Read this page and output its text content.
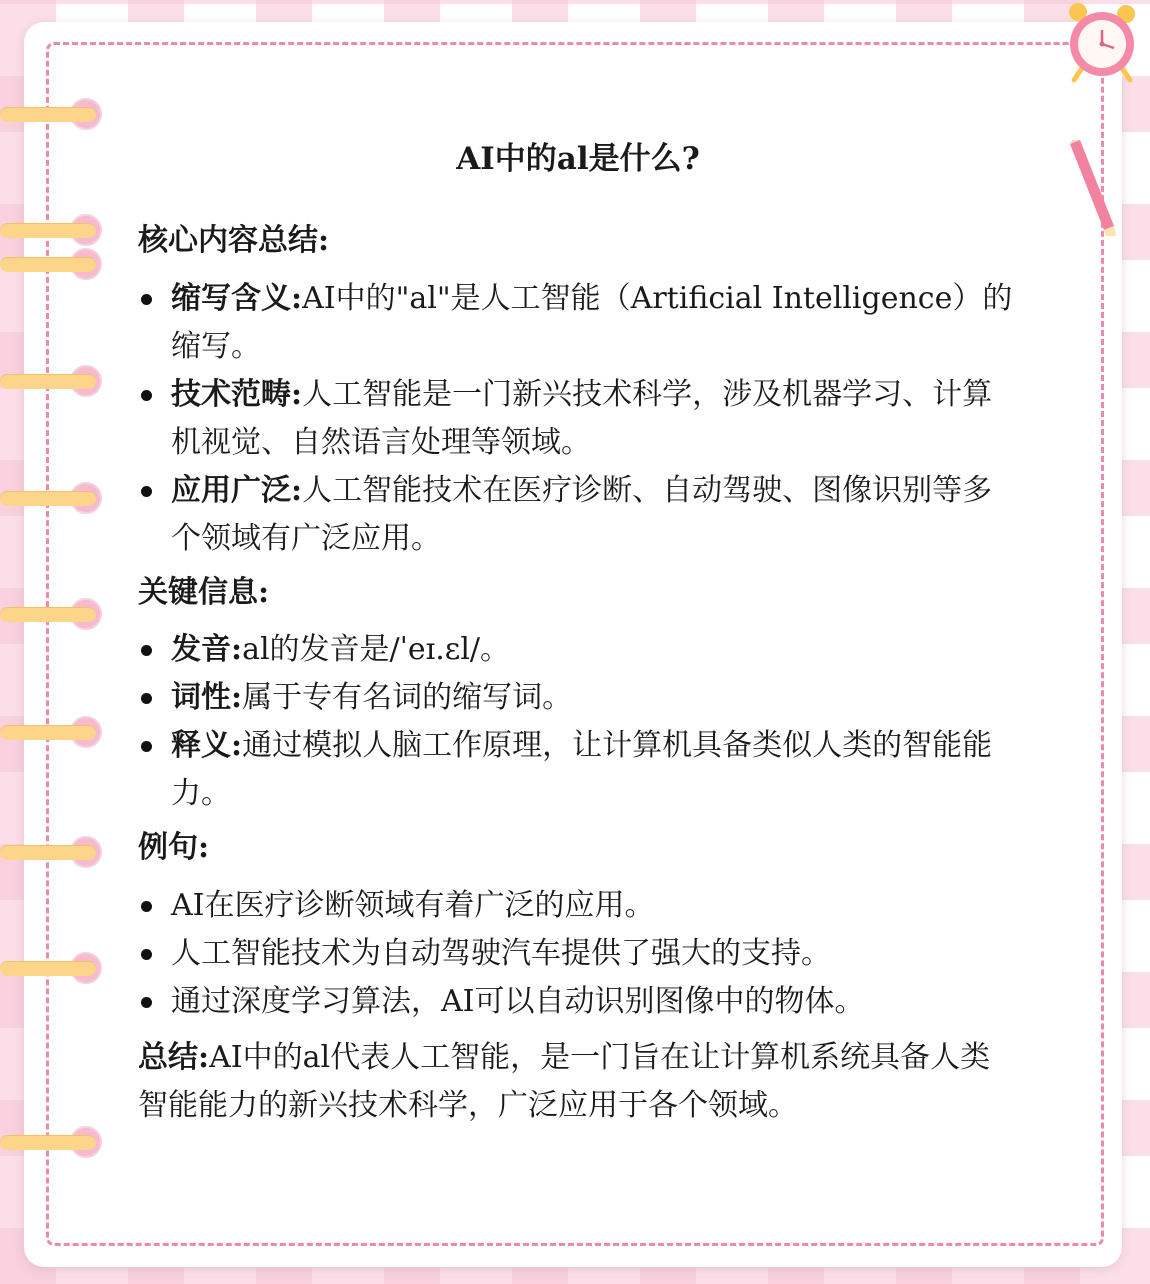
AI中的al是什么?
核心内容总结:
缩写含义:AI中的"al"是人工智能（Artificial Intelligence）的缩写。
技术范畴:人工智能是一门新兴技术科学，涉及机器学习、计算机视觉、自然语言处理等领域。
应用广泛:人工智能技术在医疗诊断、自动驾驶、图像识别等多个领域有广泛应用。
关键信息:
发音:al的发音是/ˈeɪ.ɛl/。
词性:属于专有名词的缩写词。
释义:通过模拟人脑工作原理，让计算机具备类似人类的智能能力。
例句:
AI在医疗诊断领域有着广泛的应用。
人工智能技术为自动驾驶汽车提供了强大的支持。
通过深度学习算法，AI可以自动识别图像中的物体。
总结:AI中的al代表人工智能，是一门旨在让计算机系统具备人类智能能力的新兴技术科学，广泛应用于各个领域。
